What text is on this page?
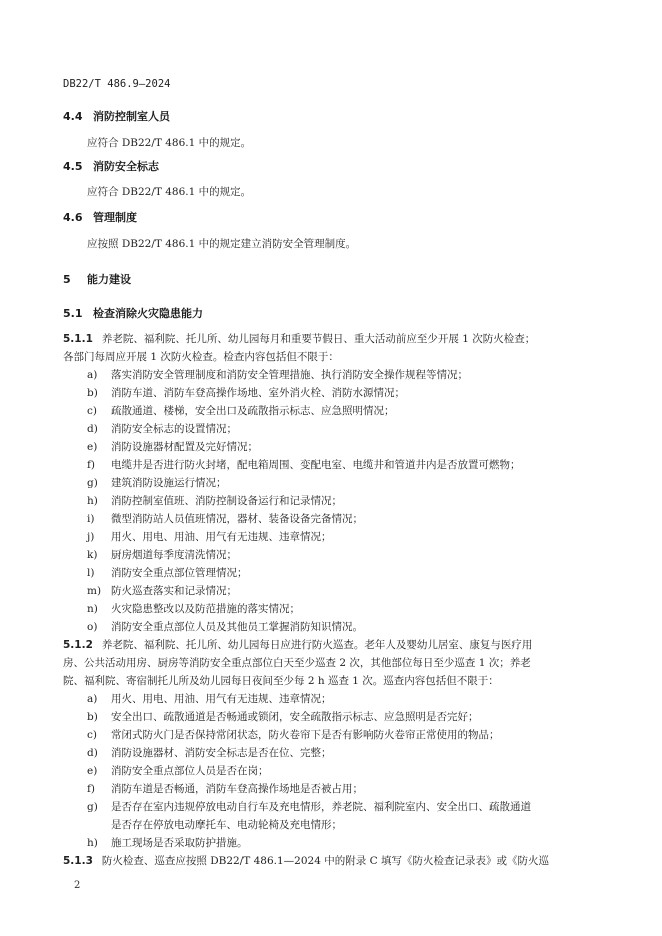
DB22/T 486.9—2024
4.4 消防控制室人员
应符合 DB22/T 486.1 中的规定。
4.5 消防安全标志
应符合 DB22/T 486.1 中的规定。
4.6 管理制度
应按照 DB22/T 486.1 中的规定建立消防安全管理制度。
5 能力建设
5.1 检查消除火灾隐患能力
5.1.1 养老院、福利院、托儿所、幼儿园每月和重要节假日、重大活动前应至少开展 1 次防火检查；
各部门每周应开展 1 次防火检查。检查内容包括但不限于：
a) 落实消防安全管理制度和消防安全管理措施、执行消防安全操作规程等情况；
b) 消防车道、消防车登高操作场地、室外消火栓、消防水源情况；
c) 疏散通道、楼梯，安全出口及疏散指示标志、应急照明情况；
d) 消防安全标志的设置情况；
e) 消防设施器材配置及完好情况；
f) 电缆井是否进行防火封堵，配电箱周围、变配电室、电缆井和管道井内是否放置可燃物；
g) 建筑消防设施运行情况；
h) 消防控制室值班、消防控制设备运行和记录情况；
i) 微型消防站人员值班情况，器材、装备设备完备情况；
j) 用火、用电、用油、用气有无违规、违章情况；
k) 厨房烟道每季度清洗情况；
l) 消防安全重点部位管理情况；
m) 防火巡查落实和记录情况；
n) 火灾隐患整改以及防范措施的落实情况；
o) 消防安全重点部位人员及其他员工掌握消防知识情况。
5.1.2 养老院、福利院、托儿所、幼儿园每日应进行防火巡查。老年人及婴幼儿居室、康复与医疗用
房、公共活动用房、厨房等消防安全重点部位白天至少巡查 2 次，其他部位每日至少巡查 1 次；养老
院、福利院、寄宿制托儿所及幼儿园每日夜间至少每 2 h 巡查 1 次。巡查内容包括但不限于：
a) 用火、用电、用油、用气有无违规、违章情况；
b) 安全出口、疏散通道是否畅通或锁闭，安全疏散指示标志、应急照明是否完好；
c) 常闭式防火门是否保持常闭状态，防火卷帘下是否有影响防火卷帘正常使用的物品；
d) 消防设施器材、消防安全标志是否在位、完整；
e) 消防安全重点部位人员是否在岗；
f) 消防车道是否畅通，消防车登高操作场地是否被占用；
g) 是否存在室内违规停放电动自行车及充电情形，养老院、福利院室内、安全出口、疏散通道
是否存在停放电动摩托车、电动轮椅及充电情形；
h) 施工现场是否采取防护措施。
5.1.3 防火检查、巡查应按照 DB22/T 486.1—2024 中的附录 C 填写《防火检查记录表》或《防火巡
2
